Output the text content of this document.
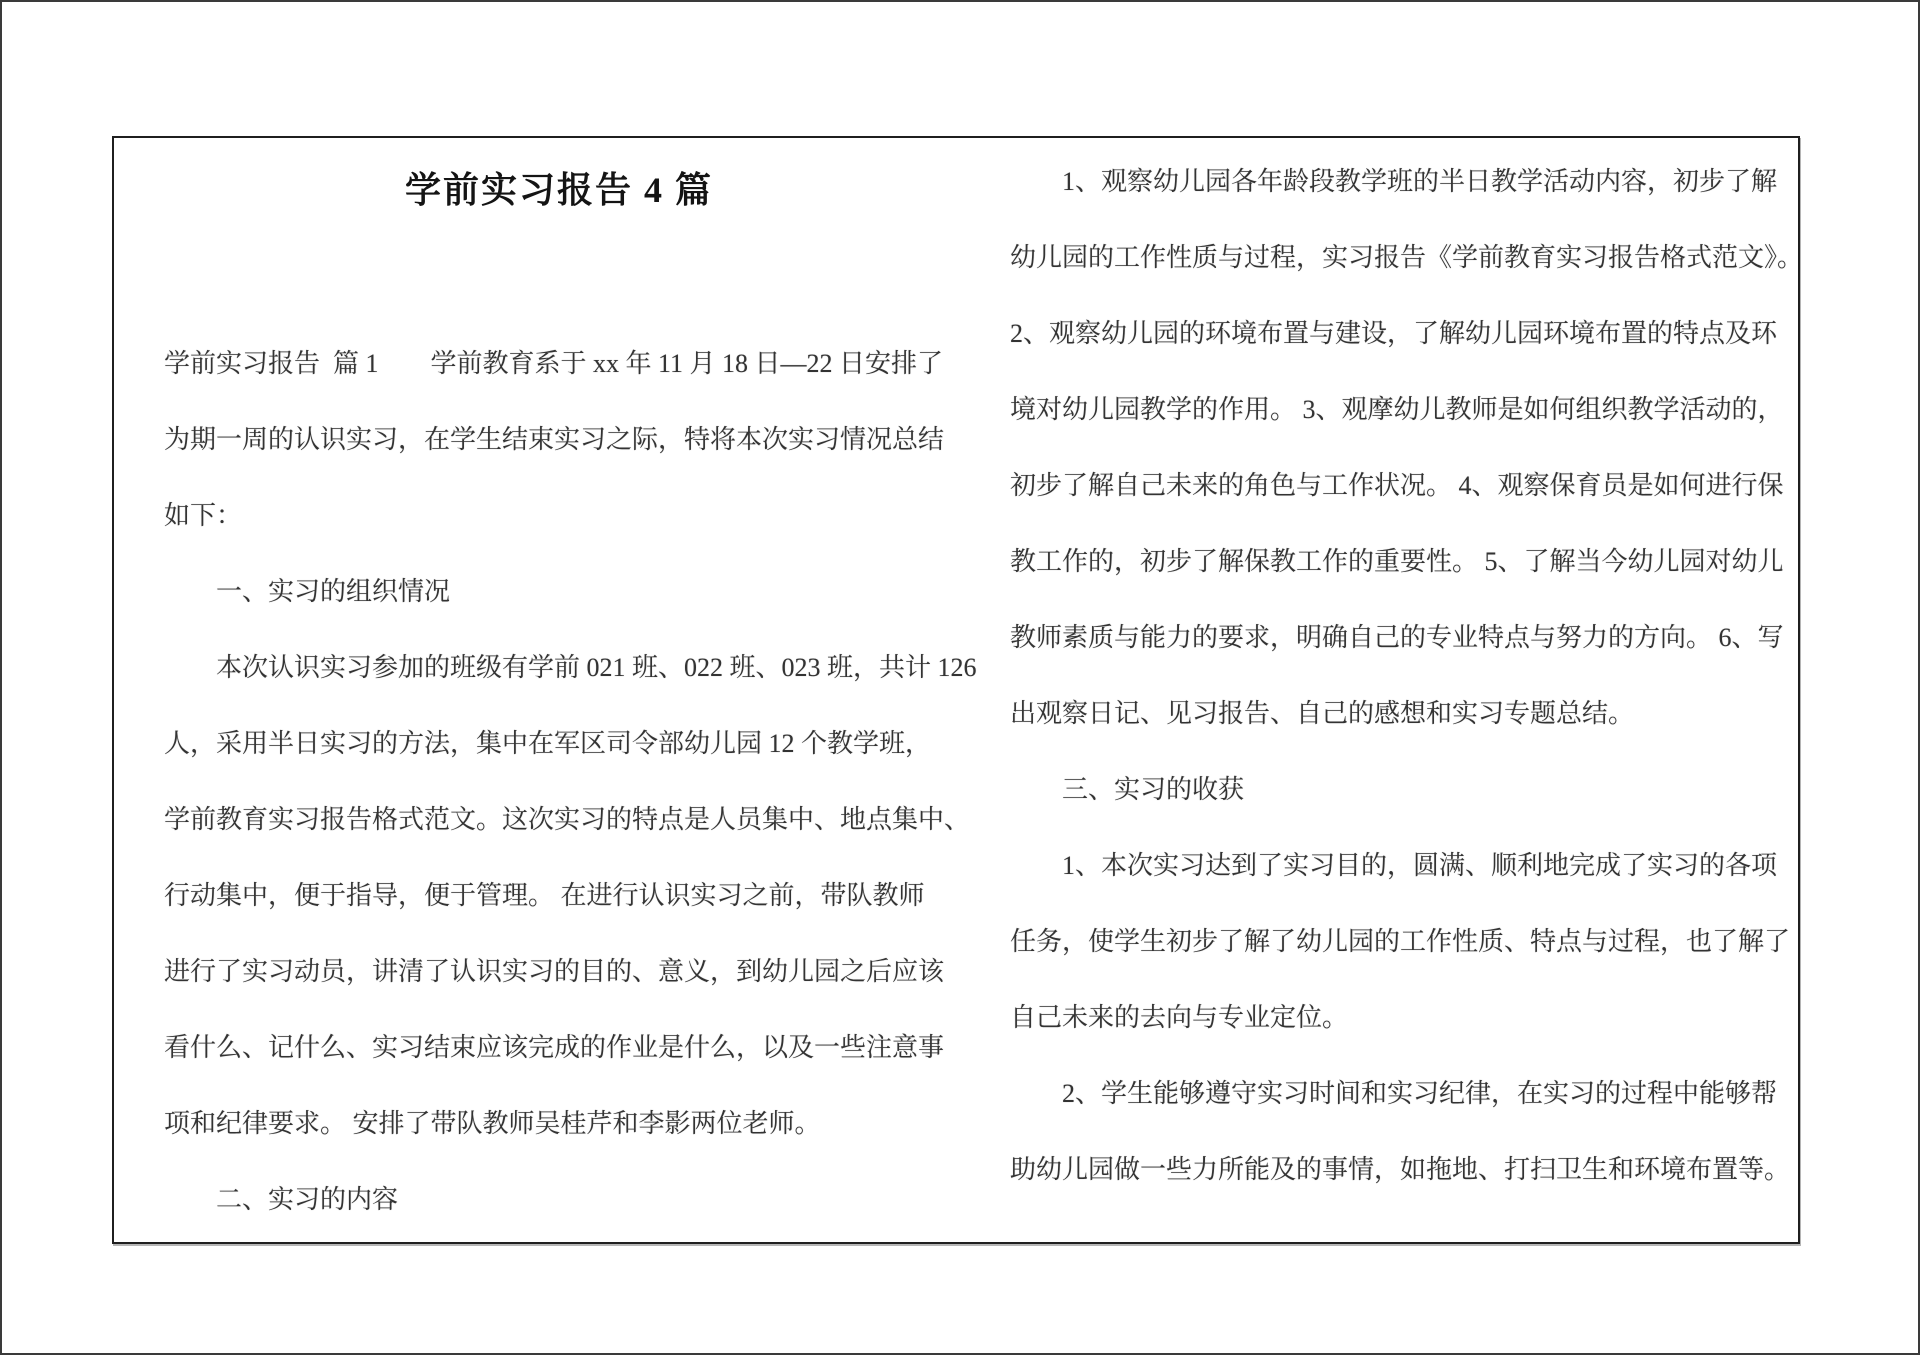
学前实习报告 4 篇
学前实习报告  篇 1　　学前教育系于 xx 年 11 月 18 日—22 日安排了
为期一周的认识实习，在学生结束实习之际，特将本次实习情况总结
如下：
一、实习的组织情况
本次认识实习参加的班级有学前 021 班、022 班、023 班，共计 126
人，采用半日实习的方法，集中在军区司令部幼儿园 12 个教学班，
学前教育实习报告格式范文。这次实习的特点是人员集中、地点集中、
行动集中，便于指导，便于管理。 在进行认识实习之前，带队教师
进行了实习动员，讲清了认识实习的目的、意义，到幼儿园之后应该
看什么、记什么、实习结束应该完成的作业是什么，以及一些注意事
项和纪律要求。 安排了带队教师吴桂芹和李影两位老师。
二、实习的内容
1、观察幼儿园各年龄段教学班的半日教学活动内容，初步了解
幼儿园的工作性质与过程，实习报告《学前教育实习报告格式范文》。
2、观察幼儿园的环境布置与建设，了解幼儿园环境布置的特点及环
境对幼儿园教学的作用。 3、观摩幼儿教师是如何组织教学活动的，
初步了解自己未来的角色与工作状况。 4、观察保育员是如何进行保
教工作的，初步了解保教工作的重要性。 5、了解当今幼儿园对幼儿
教师素质与能力的要求，明确自己的专业特点与努力的方向。 6、写
出观察日记、见习报告、自己的感想和实习专题总结。
三、实习的收获
1、本次实习达到了实习目的，圆满、顺利地完成了实习的各项
任务，使学生初步了解了幼儿园的工作性质、特点与过程，也了解了
自己未来的去向与专业定位。
2、学生能够遵守实习时间和实习纪律，在实习的过程中能够帮
助幼儿园做一些力所能及的事情，如拖地、打扫卫生和环境布置等。
